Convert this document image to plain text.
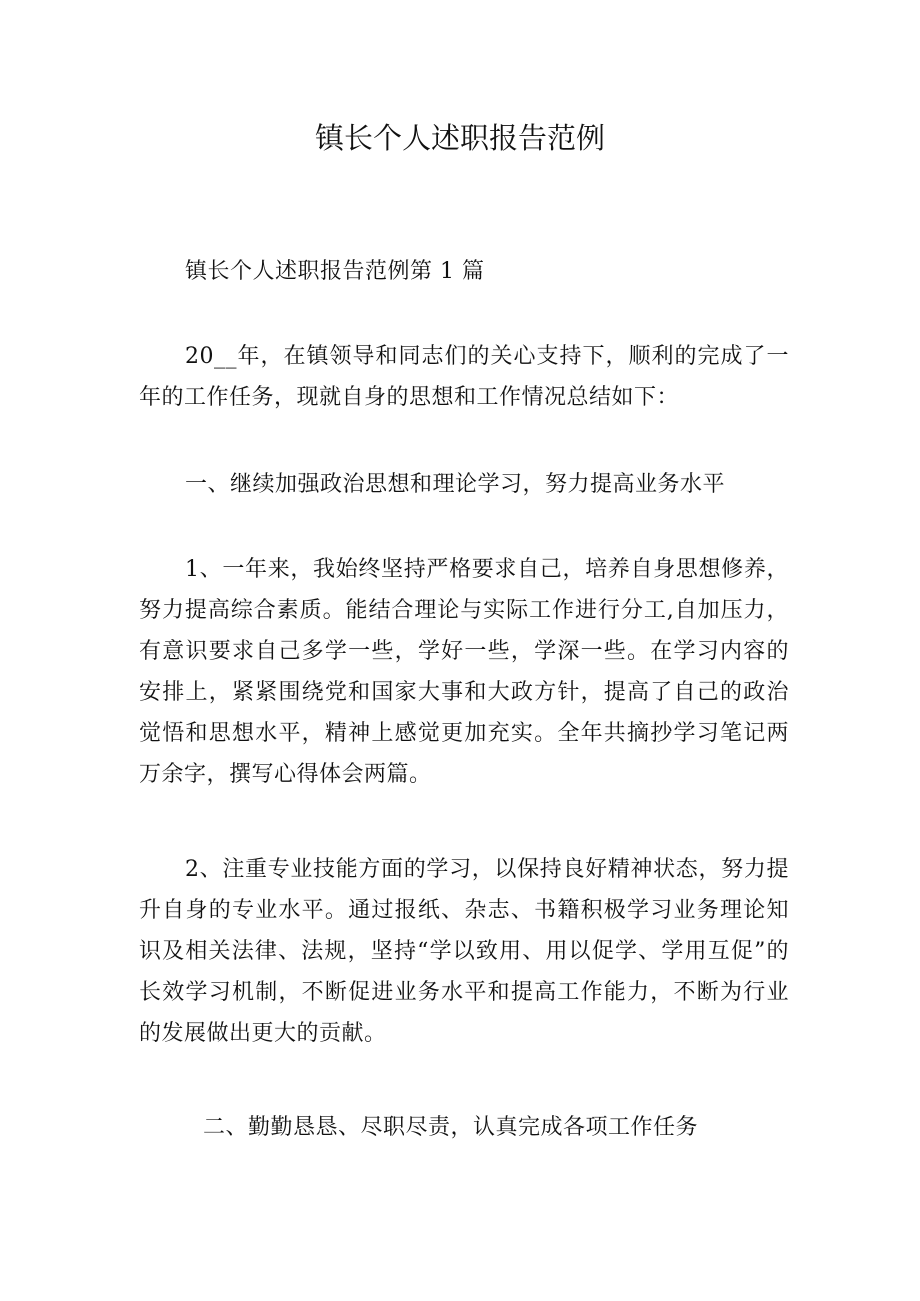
镇长个人述职报告范例

镇长个人述职报告范例第 1 篇

20__年，在镇领导和同志们的关心支持下，顺利的完成了一年的工作任务，现就自身的思想和工作情况总结如下：

一、继续加强政治思想和理论学习，努力提高业务水平

1、一年来，我始终坚持严格要求自己，培养自身思想修养，努力提高综合素质。能结合理论与实际工作进行分工,自加压力，有意识要求自己多学一些，学好一些，学深一些。在学习内容的安排上，紧紧围绕党和国家大事和大政方针，提高了自己的政治觉悟和思想水平，精神上感觉更加充实。全年共摘抄学习笔记两万余字，撰写心得体会两篇。

2、注重专业技能方面的学习，以保持良好精神状态，努力提升自身的专业水平。通过报纸、杂志、书籍积极学习业务理论知识及相关法律、法规，坚持“学以致用、用以促学、学用互促”的长效学习机制，不断促进业务水平和提高工作能力，不断为行业的发展做出更大的贡献。

二、勤勤恳恳、尽职尽责，认真完成各项工作任务
